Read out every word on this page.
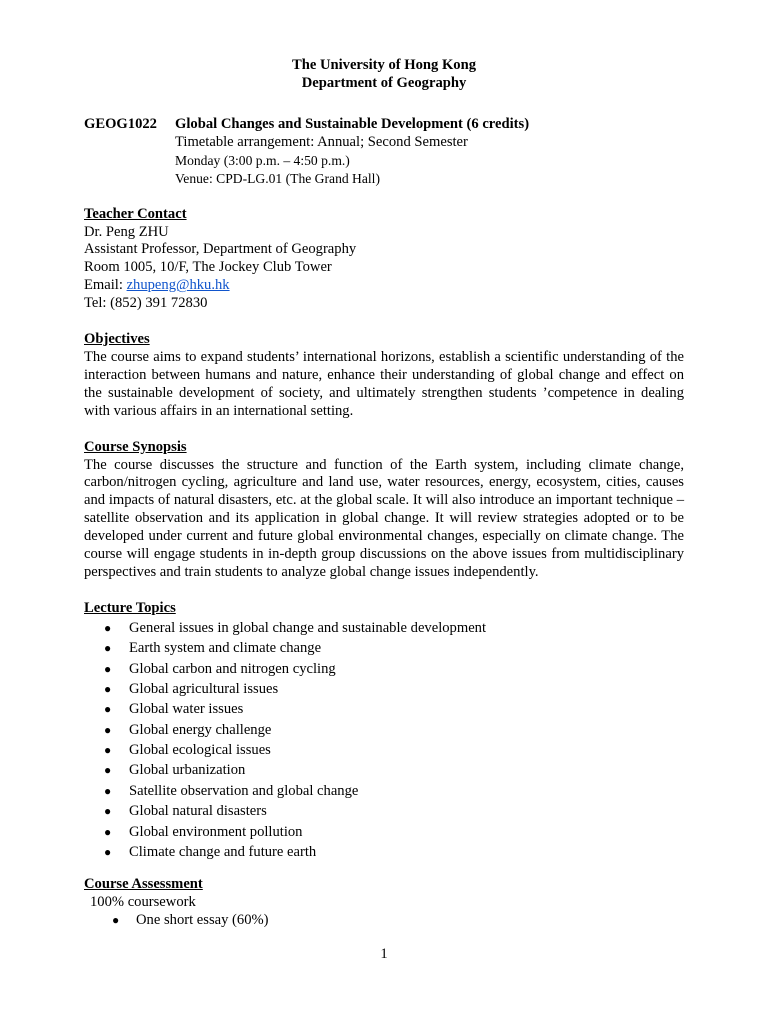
The University of Hong Kong
Department of Geography
GEOG1022	Global Changes and Sustainable Development (6 credits)
Timetable arrangement: Annual; Second Semester
Monday (3:00 p.m. – 4:50 p.m.)
Venue: CPD-LG.01 (The Grand Hall)
Teacher Contact
Dr. Peng ZHU
Assistant Professor, Department of Geography
Room 1005, 10/F, The Jockey Club Tower
Email: zhupeng@hku.hk
Tel: (852) 391 72830
Objectives

The course aims to expand students’ international horizons, establish a scientific understanding of the interaction between humans and nature, enhance their understanding of global change and effect on the sustainable development of society, and ultimately strengthen students ’competence in dealing with various affairs in an international setting.

Course Synopsis

The course discusses the structure and function of the Earth system, including climate change, carbon/nitrogen cycling, agriculture and land use, water resources, energy, ecosystem, cities, causes and impacts of natural disasters, etc. at the global scale. It will also introduce an important technique – satellite observation and its application in global change. It will review strategies adopted or to be developed under current and future global environmental changes, especially on climate change. The course will engage students in in-depth group discussions on the above issues from multidisciplinary perspectives and train students to analyze global change issues independently.

Lecture Topics
● General issues in global change and sustainable development
● Earth system and climate change
● Global carbon and nitrogen cycling
● Global agricultural issues
● Global water issues
● Global energy challenge
● Global ecological issues
● Global urbanization
● Satellite observation and global change
● Global natural disasters
● Global environment pollution
● Climate change and future earth
Course Assessment
100% coursework
● One short essay (60%)
1
